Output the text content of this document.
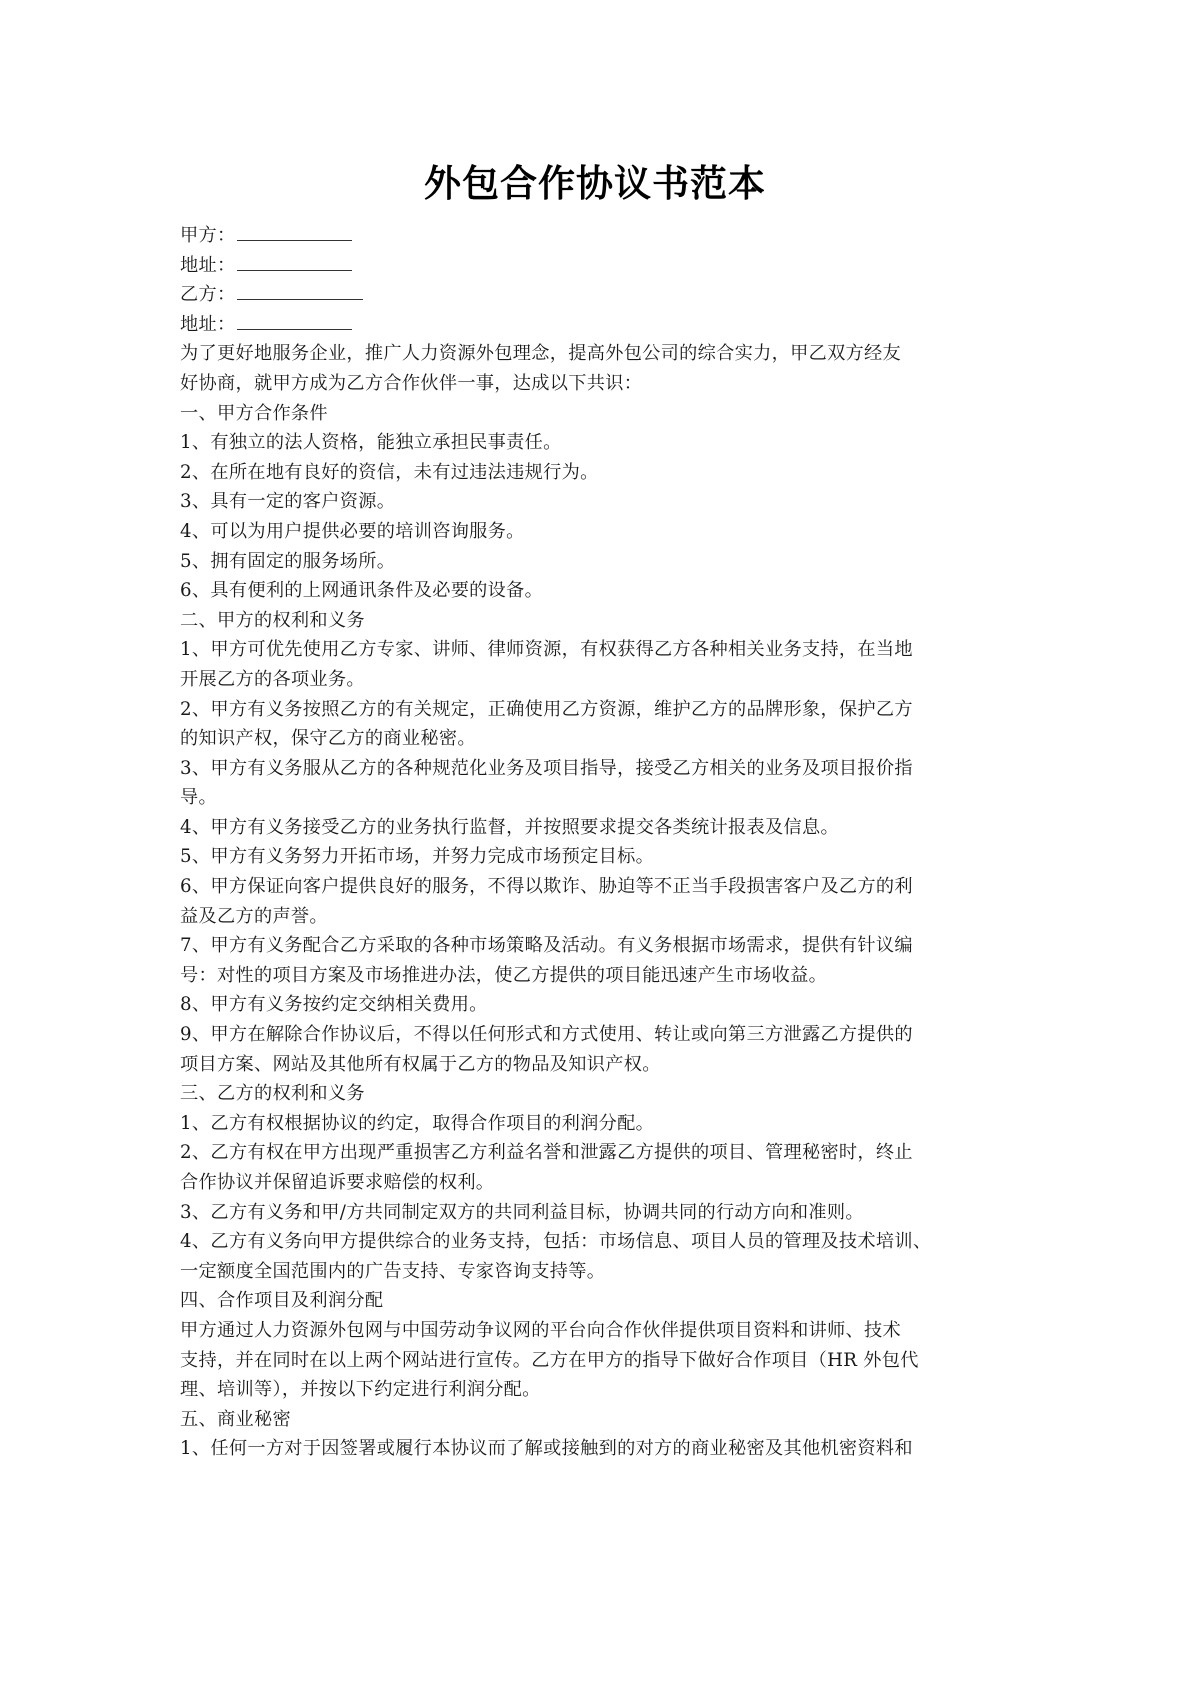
外包合作协议书范本
甲方：
地址：
乙方：
地址：
为了更好地服务企业，推广人力资源外包理念，提高外包公司的综合实力，甲乙双方经友
好协商，就甲方成为乙方合作伙伴一事，达成以下共识：
一、甲方合作条件
1、有独立的法人资格，能独立承担民事责任。
2、在所在地有良好的资信，未有过违法违规行为。
3、具有一定的客户资源。
4、可以为用户提供必要的培训咨询服务。
5、拥有固定的服务场所。
6、具有便利的上网通讯条件及必要的设备。
二、甲方的权利和义务
1、甲方可优先使用乙方专家、讲师、律师资源，有权获得乙方各种相关业务支持，在当地
开展乙方的各项业务。
2、甲方有义务按照乙方的有关规定，正确使用乙方资源，维护乙方的品牌形象，保护乙方
的知识产权，保守乙方的商业秘密。
3、甲方有义务服从乙方的各种规范化业务及项目指导，接受乙方相关的业务及项目报价指
导。
4、甲方有义务接受乙方的业务执行监督，并按照要求提交各类统计报表及信息。
5、甲方有义务努力开拓市场，并努力完成市场预定目标。
6、甲方保证向客户提供良好的服务，不得以欺诈、胁迫等不正当手段损害客户及乙方的利
益及乙方的声誉。
7、甲方有义务配合乙方采取的各种市场策略及活动。有义务根据市场需求，提供有针议编
号：对性的项目方案及市场推进办法，使乙方提供的项目能迅速产生市场收益。
8、甲方有义务按约定交纳相关费用。
9、甲方在解除合作协议后，不得以任何形式和方式使用、转让或向第三方泄露乙方提供的
项目方案、网站及其他所有权属于乙方的物品及知识产权。
三、乙方的权利和义务
1、乙方有权根据协议的约定，取得合作项目的利润分配。
2、乙方有权在甲方出现严重损害乙方利益名誉和泄露乙方提供的项目、管理秘密时，终止
合作协议并保留追诉要求赔偿的权利。
3、乙方有义务和甲/方共同制定双方的共同利益目标，协调共同的行动方向和准则。
4、乙方有义务向甲方提供综合的业务支持，包括：市场信息、项目人员的管理及技术培训、
一定额度全国范围内的广告支持、专家咨询支持等。
四、合作项目及利润分配
甲方通过人力资源外包网与中国劳动争议网的平台向合作伙伴提供项目资料和讲师、技术
支持，并在同时在以上两个网站进行宣传。乙方在甲方的指导下做好合作项目（HR 外包代
理、培训等），并按以下约定进行利润分配。
五、商业秘密
1、任何一方对于因签署或履行本协议而了解或接触到的对方的商业秘密及其他机密资料和
